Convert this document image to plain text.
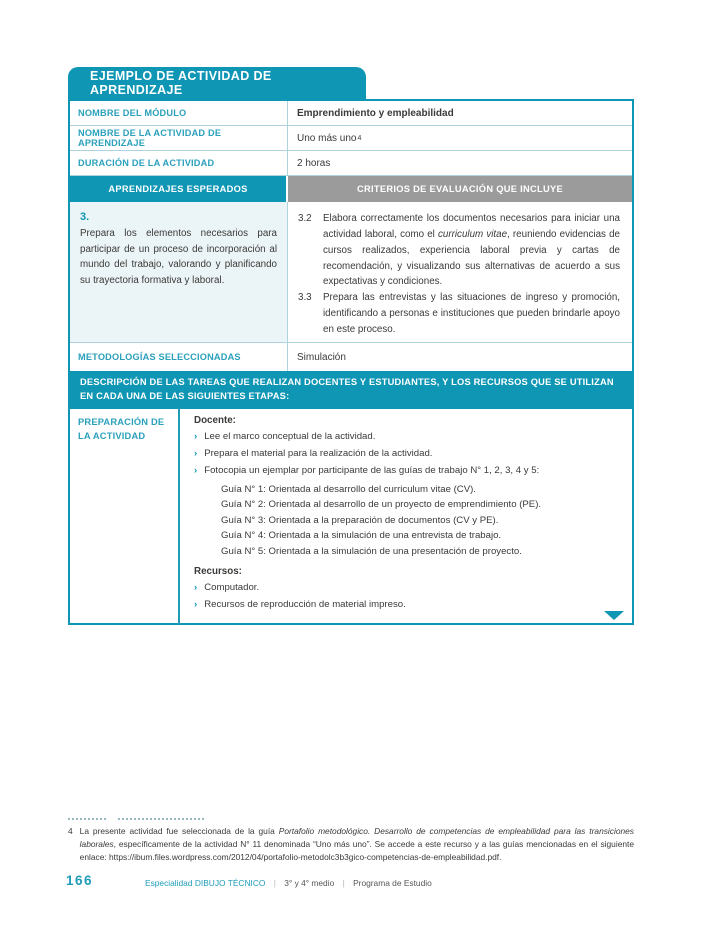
EJEMPLO DE ACTIVIDAD DE APRENDIZAJE
NOMBRE DEL MÓDULO	Emprendimiento y empleabilidad
NOMBRE DE LA ACTIVIDAD DE APRENDIZAJE	Uno más uno 4
DURACIÓN DE LA ACTIVIDAD	2 horas
APRENDIZAJES ESPERADOS	CRITERIOS DE EVALUACIÓN QUE INCLUYE
3.
Prepara los elementos necesarios para participar de un proceso de incorporación al mundo del trabajo, valorando y planificando su trayectoria formativa y laboral.
3.2	Elabora correctamente los documentos necesarios para iniciar una actividad laboral, como el curriculum vitae, reuniendo evidencias de cursos realizados, experiencia laboral previa y cartas de recomendación, y visualizando sus alternativas de acuerdo a sus expectativas y condiciones.
3.3	Prepara las entrevistas y las situaciones de ingreso y promoción, identificando a personas e instituciones que pueden brindarle apoyo en este proceso.
METODOLOGÍAS SELECCIONADAS	Simulación
DESCRIPCIÓN DE LAS TAREAS QUE REALIZAN DOCENTES Y ESTUDIANTES, Y LOS RECURSOS QUE SE UTILIZAN EN CADA UNA DE LAS SIGUIENTES ETAPAS:
PREPARACIÓN DE LA ACTIVIDAD
Docente:
› Lee el marco conceptual de la actividad.
› Prepara el material para la realización de la actividad.
› Fotocopia un ejemplar por participante de las guías de trabajo N° 1, 2, 3, 4 y 5:
Guía N° 1: Orientada al desarrollo del curriculum vitae (CV).
Guía N° 2: Orientada al desarrollo de un proyecto de emprendimiento (PE).
Guía N° 3: Orientada a la preparación de documentos (CV y PE).
Guía N° 4: Orientada a la simulación de una entrevista de trabajo.
Guía N° 5: Orientada a la simulación de una presentación de proyecto.
Recursos:
› Computador.
› Recursos de reproducción de material impreso.
4 La presente actividad fue seleccionada de la guía Portafolio metodológico. Desarrollo de competencias de empleabilidad para las transiciones laborales, específicamente de la actividad N° 11 denominada “Uno más uno”. Se accede a este recurso y a las guías mencionadas en el siguiente enlace: https://ibum.files.wordpress.com/2012/04/portafolio-metodolc3b3gico-competencias-de-empleabilidad.pdf.
166	Especialidad DIBUJO TÉCNICO | 3° y 4° medio | Programa de Estudio
